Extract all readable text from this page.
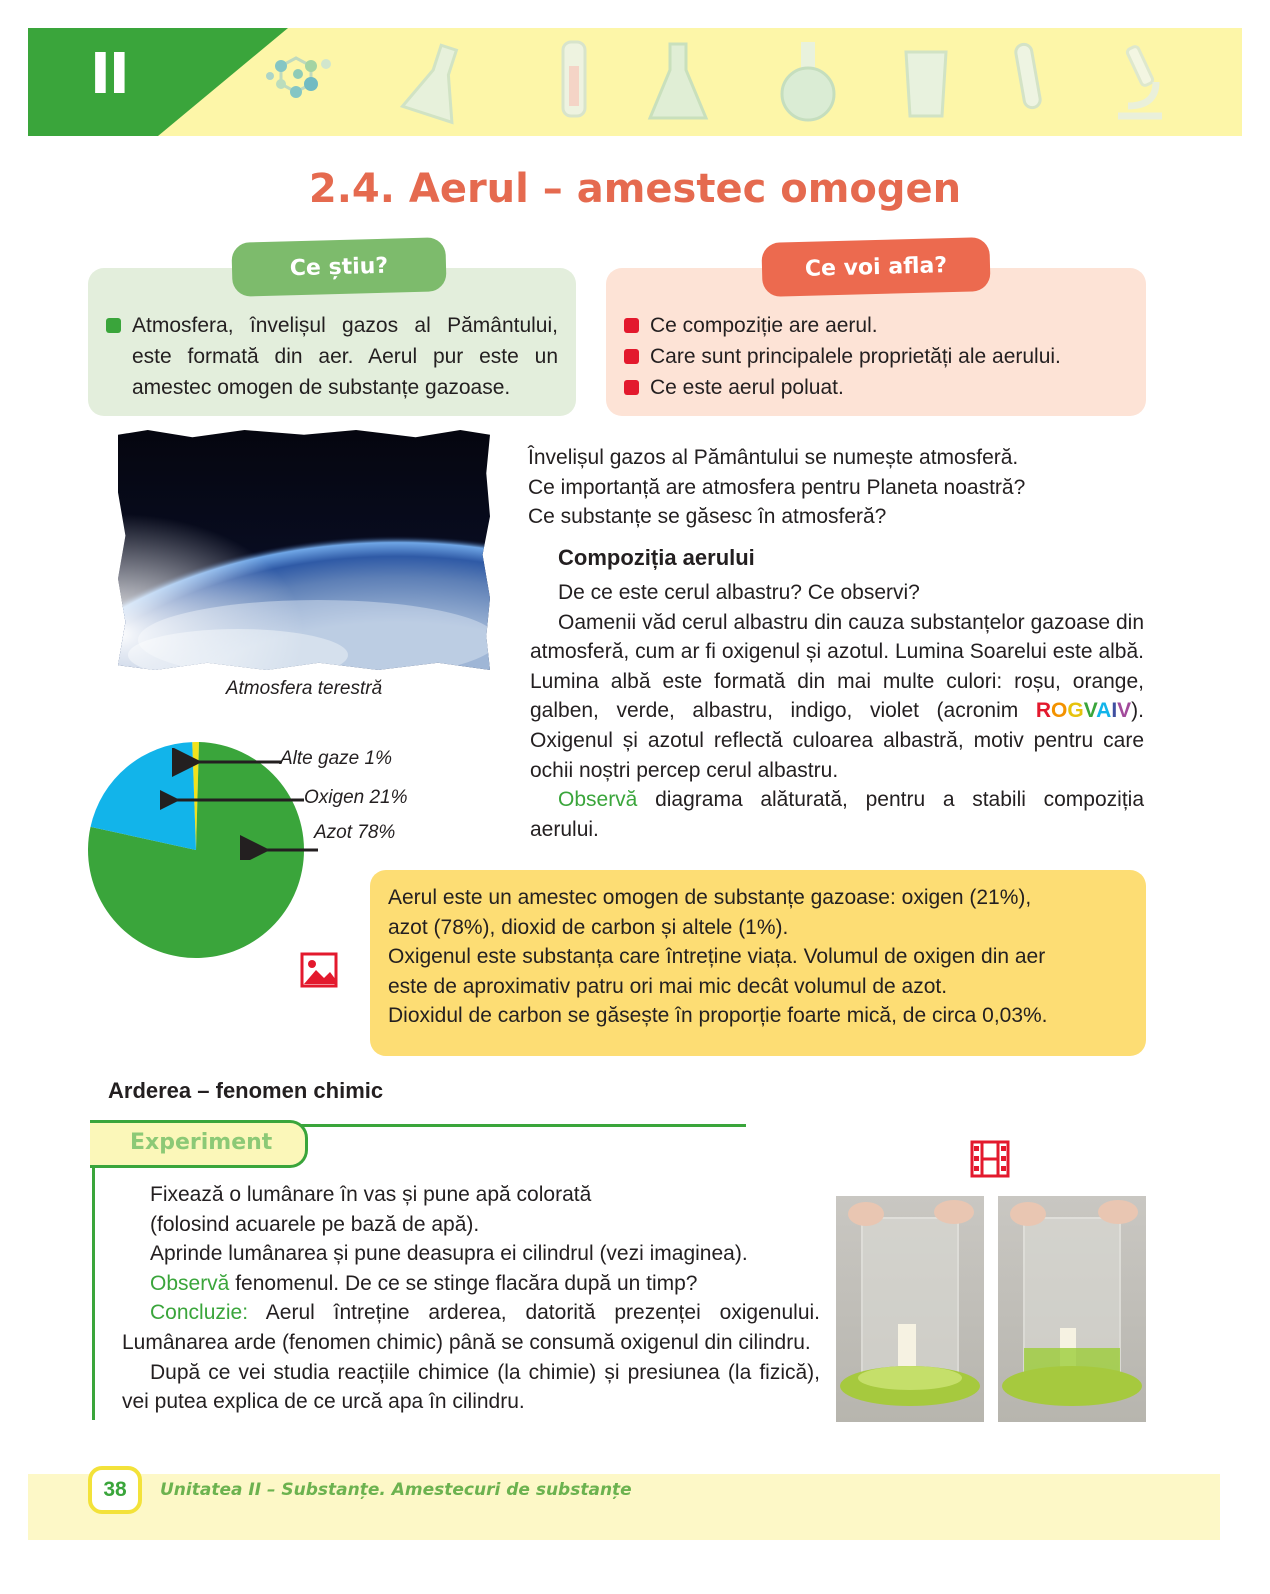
II
2.4. Aerul – amestec omogen
Ce știu?
Atmosfera, învelișul gazos al Pământului, este formată din aer. Aerul pur este un amestec omogen de substanțe gazoase.
Ce voi afla?
Ce compoziție are aerul.
Care sunt principalele proprietăți ale aerului.
Ce este aerul poluat.
Atmosfera terestră
Alte gaze 1%
Oxigen 21%
Azot 78%
Învelișul gazos al Pământului se numește atmosferă.
Ce importanță are atmosfera pentru Planeta noastră?
Ce substanțe se găsesc în atmosferă?
Compoziția aerului
De ce este cerul albastru? Ce observi?
Oamenii văd cerul albastru din cauza substanțelor gazoase din atmosferă, cum ar fi oxigenul și azotul. Lumina Soarelui este albă. Lumina albă este formată din mai multe culori: roșu, orange, galben, verde, albastru, indigo, violet (acronim ROGVAIV). Oxigenul și azotul reflectă culoarea albastră, motiv pentru care ochii noștri percep cerul albastru.
Observă diagrama alăturată, pentru a stabili compoziția aerului.
Aerul este un amestec omogen de substanțe gazoase: oxigen (21%),
azot (78%), dioxid de carbon și altele (1%).
Oxigenul este substanța care întreține viața. Volumul de oxigen din aer
este de aproximativ patru ori mai mic decât volumul de azot.
Dioxidul de carbon se găsește în proporție foarte mică, de circa 0,03%.
Arderea – fenomen chimic
Experiment
Fixează o lumânare în vas și pune apă colorată
(folosind acuarele pe bază de apă).
Aprinde lumânarea și pune deasupra ei cilindrul (vezi imaginea).
Observă fenomenul. De ce se stinge flacăra după un timp?
Concluzie: Aerul întreține arderea, datorită prezenței oxigenului. Lumânarea arde (fenomen chimic) până se consumă oxigenul din cilindru.
După ce vei studia reacțiile chimice (la chimie) și presiunea (la fizică), vei putea explica de ce urcă apa în cilindru.
38	Unitatea II – Substanțe. Amestecuri de substanțe
